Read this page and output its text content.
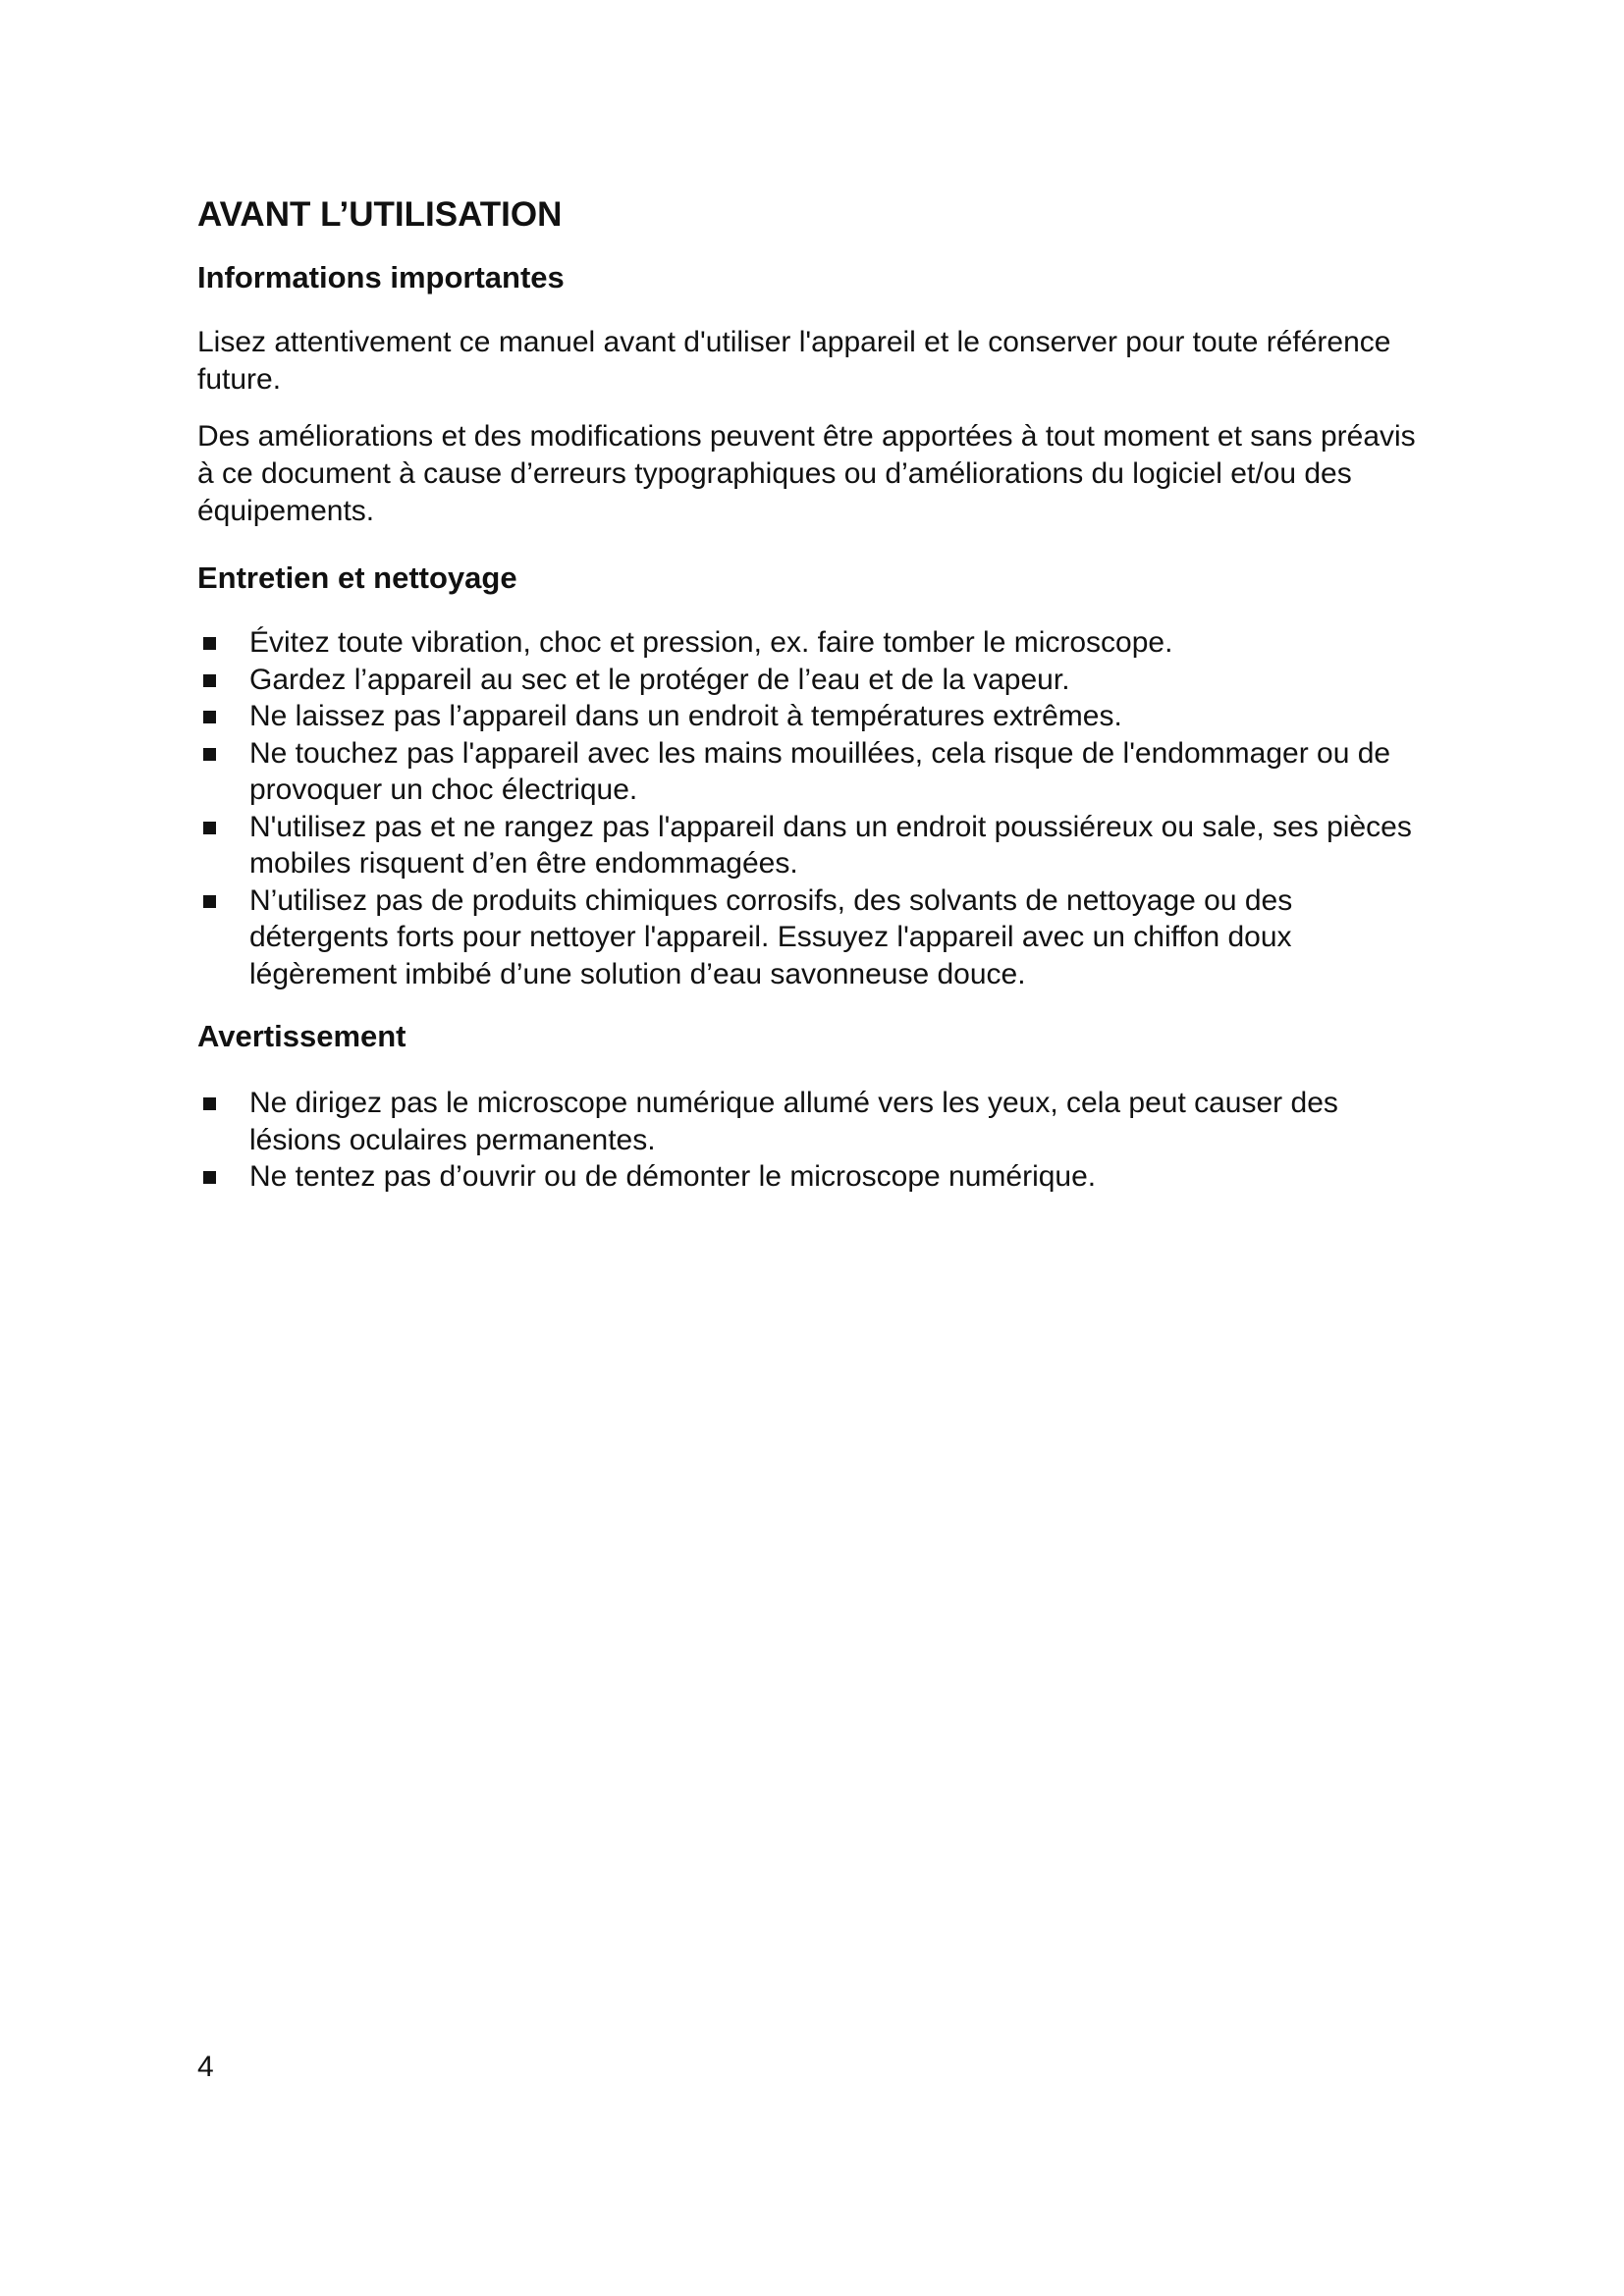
AVANT L’UTILISATION
Informations importantes

Lisez attentivement ce manuel avant d'utiliser l'appareil et le conserver pour toute référence future.

Des améliorations et des modifications peuvent être apportées à tout moment et sans préavis à ce document à cause d’erreurs typographiques ou d’améliorations du logiciel et/ou des équipements.

Entretien et nettoyage
Évitez toute vibration, choc et pression, ex. faire tomber le microscope.
Gardez l’appareil au sec et le protéger de l’eau et de la vapeur.
Ne laissez pas l’appareil dans un endroit à températures extrêmes.
Ne touchez pas l'appareil avec les mains mouillées, cela risque de l'endommager ou de provoquer un choc électrique.
N'utilisez pas et ne rangez pas l'appareil dans un endroit poussiéreux ou sale, ses pièces mobiles risquent d’en être endommagées.
N’utilisez pas de produits chimiques corrosifs, des solvants de nettoyage ou des détergents forts pour nettoyer l'appareil. Essuyez l'appareil avec un chiffon doux légèrement imbibé d’une solution d’eau savonneuse douce.
Avertissement
Ne dirigez pas le microscope numérique allumé vers les yeux, cela peut causer des lésions oculaires permanentes.
Ne tentez pas d’ouvrir ou de démonter le microscope numérique.
4
